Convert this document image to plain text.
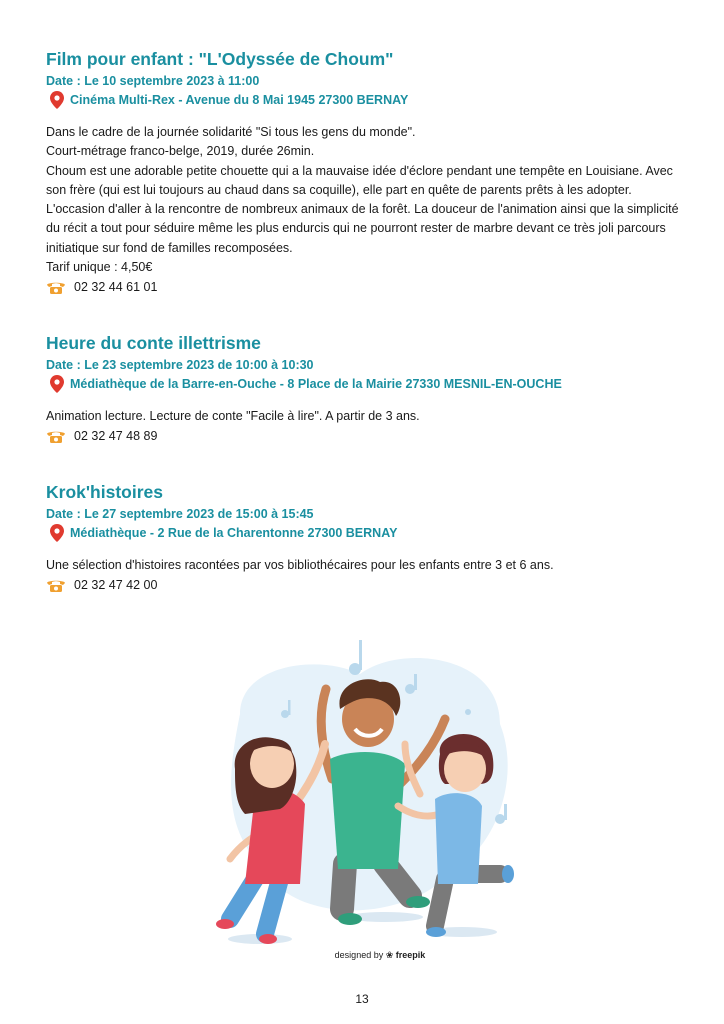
Film pour enfant : "L'Odyssée de Choum"
Date : Le 10 septembre 2023 à 11:00
Cinéma Multi-Rex - Avenue du 8 Mai 1945 27300 BERNAY

Dans le cadre de la journée solidarité "Si tous les gens du monde".

Court-métrage franco-belge, 2019, durée 26min.

Choum est une adorable petite chouette qui a la mauvaise idée d'éclore pendant une tempête en Louisiane. Avec son frère (qui est lui toujours au chaud dans sa coquille), elle part en quête de parents prêts à les adopter. L'occasion d'aller à la rencontre de nombreux animaux de la forêt. La douceur de l'animation ainsi que la simplicité du récit a tout pour séduire même les plus endurcis qui ne pourront rester de marbre devant ce très joli parcours initiatique sur fond de familles recomposées.

Tarif unique : 4,50€

02 32 44 61 01
Heure du conte illettrisme
Date : Le 23 septembre 2023 de 10:00 à 10:30
Médiathèque de la Barre-en-Ouche - 8 Place de la Mairie 27330 MESNIL-EN-OUCHE

Animation lecture. Lecture de conte "Facile à lire". A partir de 3 ans.

02 32 47 48 89
Krok'histoires
Date : Le 27 septembre 2023 de 15:00 à 15:45
Médiathèque - 2 Rue de la Charentonne 27300 BERNAY

Une sélection d'histoires racontées par vos bibliothécaires pour les enfants entre 3 et 6 ans.

02 32 47 42 00
designed by ❀ freepik
13
